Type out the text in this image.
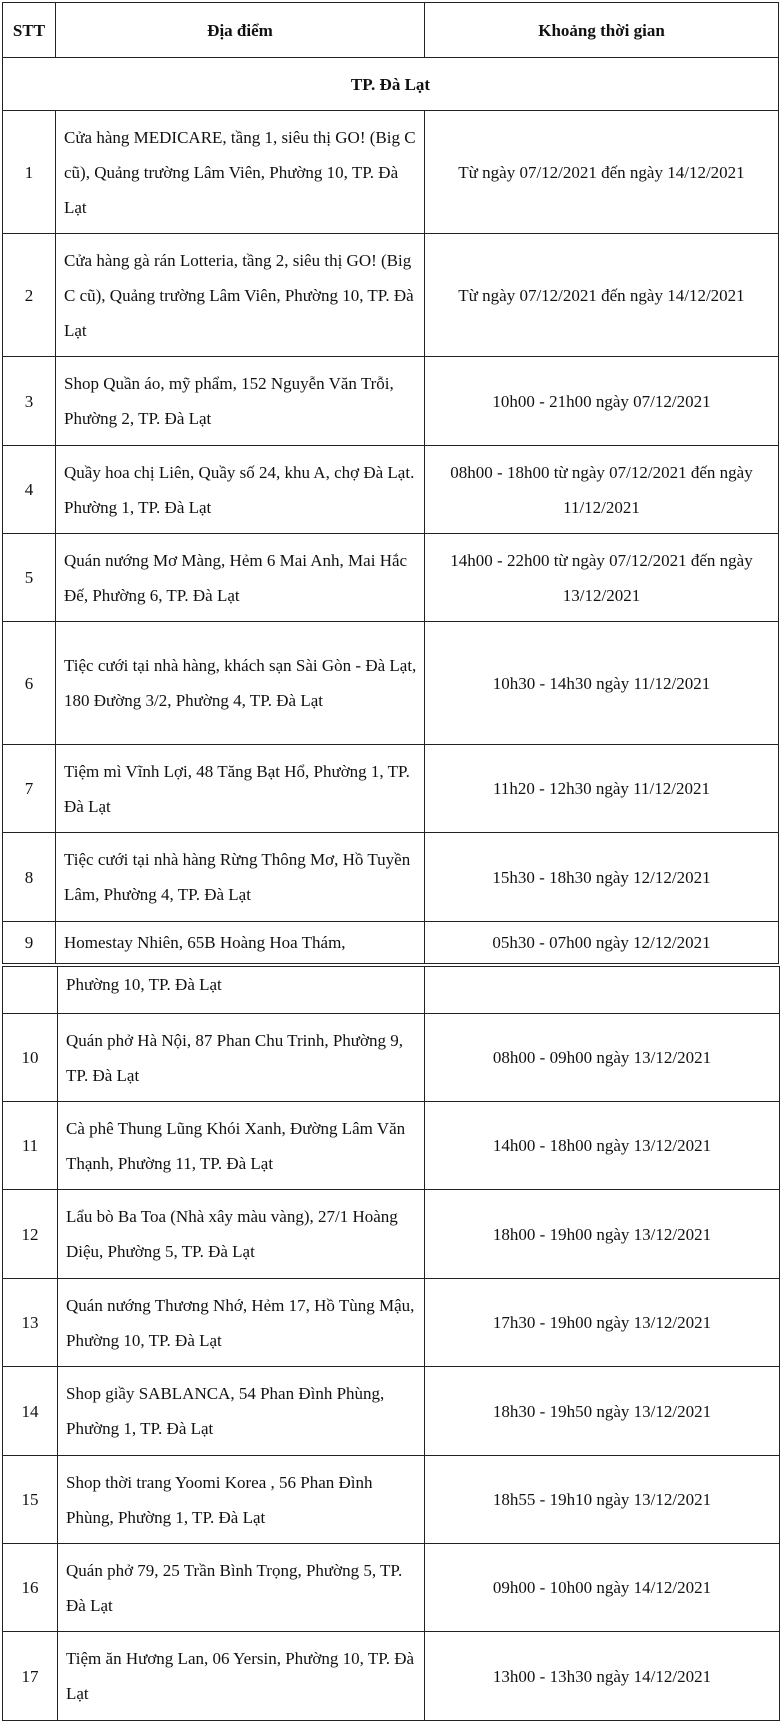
STT	Địa điểm	Khoảng thời gian
TP. Đà Lạt		
1	Cửa hàng MEDICARE, tầng 1, siêu thị GO! (Big C cũ), Quảng trường Lâm Viên, Phường 10, TP. Đà Lạt	Từ ngày 07/12/2021 đến ngày 14/12/2021
2	Cửa hàng gà rán Lotteria, tầng 2, siêu thị GO! (Big C cũ), Quảng trường Lâm Viên, Phường 10, TP. Đà Lạt	Từ ngày 07/12/2021 đến ngày 14/12/2021
3	Shop Quần áo, mỹ phẩm, 152 Nguyễn Văn Trỗi, Phường 2, TP. Đà Lạt	10h00 - 21h00 ngày 07/12/2021
4	Quầy hoa chị Liên, Quầy số 24, khu A, chợ Đà Lạt. Phường 1, TP. Đà Lạt	08h00 - 18h00 từ ngày 07/12/2021 đến ngày 11/12/2021
5	Quán nướng Mơ Màng, Hẻm 6 Mai Anh, Mai Hắc Đế, Phường 6, TP. Đà Lạt	14h00 - 22h00 từ ngày 07/12/2021 đến ngày 13/12/2021
6	Tiệc cưới tại nhà hàng, khách sạn Sài Gòn - Đà Lạt, 180 Đường 3/2, Phường 4, TP. Đà Lạt	10h30 - 14h30 ngày 11/12/2021
7	Tiệm mì Vĩnh Lợi, 48 Tăng Bạt Hổ, Phường 1, TP. Đà Lạt	11h20 - 12h30 ngày 11/12/2021
8	Tiệc cưới tại nhà hàng Rừng Thông Mơ, Hồ Tuyền Lâm, Phường 4, TP. Đà Lạt	15h30 - 18h30 ngày 12/12/2021
9	Homestay Nhiên, 65B Hoàng Hoa Thám,	05h30 - 07h00 ngày 12/12/2021
	Phường 10, TP. Đà Lạt	
10	Quán phở Hà Nội, 87 Phan Chu Trinh, Phường 9, TP. Đà Lạt	08h00 - 09h00 ngày 13/12/2021
11	Cà phê Thung Lũng Khói Xanh, Đường Lâm Văn Thạnh, Phường 11, TP. Đà Lạt	14h00 - 18h00 ngày 13/12/2021
12	Lẩu bò Ba Toa (Nhà xây màu vàng), 27/1 Hoàng Diệu, Phường 5, TP. Đà Lạt	18h00 - 19h00 ngày 13/12/2021
13	Quán nướng Thương Nhớ, Hẻm 17, Hồ Tùng Mậu, Phường 10, TP. Đà Lạt	17h30 - 19h00 ngày 13/12/2021
14	Shop giầy SABLANCA, 54 Phan Đình Phùng, Phường 1, TP. Đà Lạt	18h30 - 19h50 ngày 13/12/2021
15	Shop thời trang Yoomi Korea , 56 Phan Đình Phùng, Phường 1, TP. Đà Lạt	18h55 - 19h10 ngày 13/12/2021
16	Quán phở 79, 25 Trần Bình Trọng, Phường 5, TP. Đà Lạt	09h00 - 10h00 ngày 14/12/2021
17	Tiệm ăn Hương Lan, 06 Yersin, Phường 10, TP. Đà Lạt	13h00 - 13h30 ngày 14/12/2021
